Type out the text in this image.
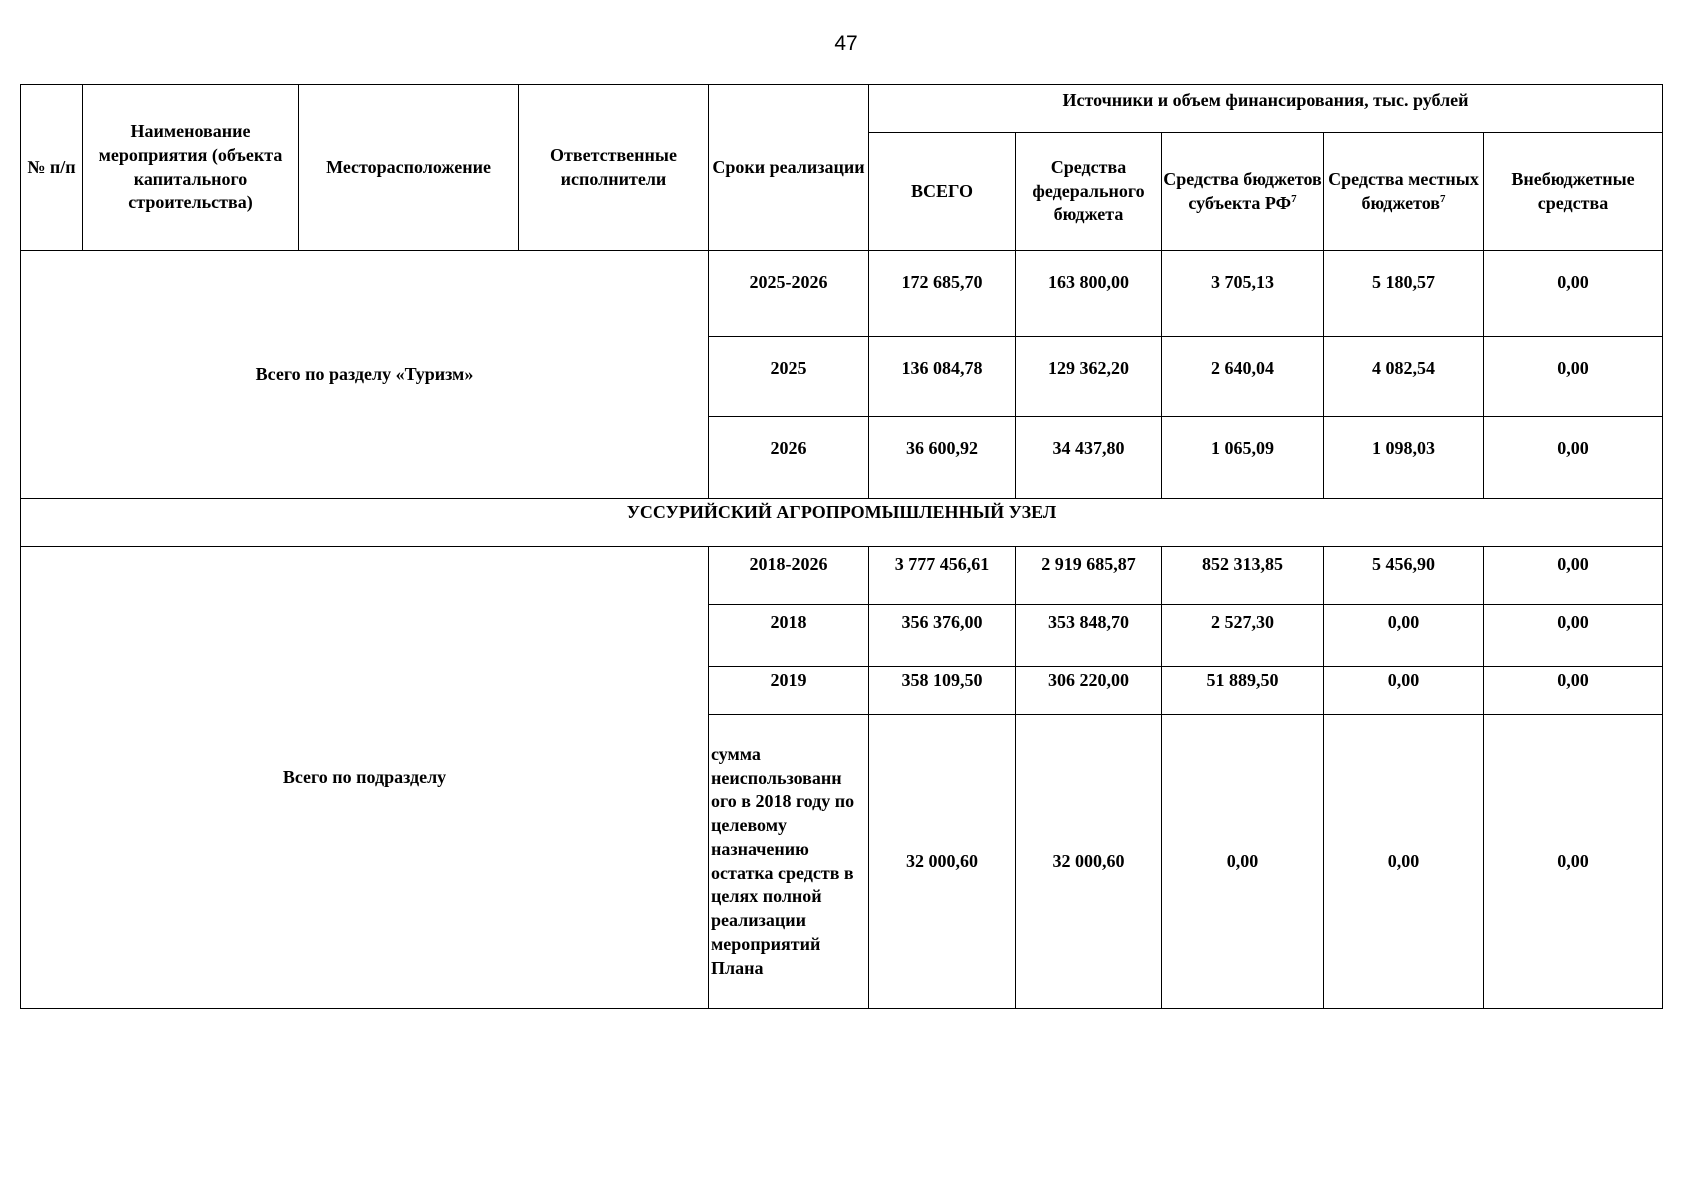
47
№ п/п	Наименование мероприятия (объекта капитального строительства)	Месторасположение	Ответственные исполнители	Сроки реализации	Источники и объем финансирования, тыс. рублей				
					ВСЕГО	Средства федерального бюджета	Средства бюджетов субъекта $РФ^7$	Средства местных бюджетов$^7$	Внебюджетные средства
Всего по разделу «Туризм»				2025-2026	172 685,70	163 800,00	3 705,13	5 180,57	0,00
				2025	136 084,78	129 362,20	2 640,04	4 082,54	0,00
				2026	36 600,92	34 437,80	1 065,09	1 098,03	0,00
УССУРИЙСКИЙ АГРОПРОМЫШЛЕННЫЙ УЗЕЛ									
Всего по подразделу				2018-2026	3 777 456,61	2 919 685,87	852 313,85	5 456,90	0,00
				2018	356 376,00	353 848,70	2 527,30	0,00	0,00
				2019	358 109,50	306 220,00	51 889,50	0,00	0,00
				сумма неиспользованн ого в 2018 году по целевому назначению остатка средств в целях полной реализации мероприятий Плана	32 000,60	32 000,60	0,00	0,00	0,00
